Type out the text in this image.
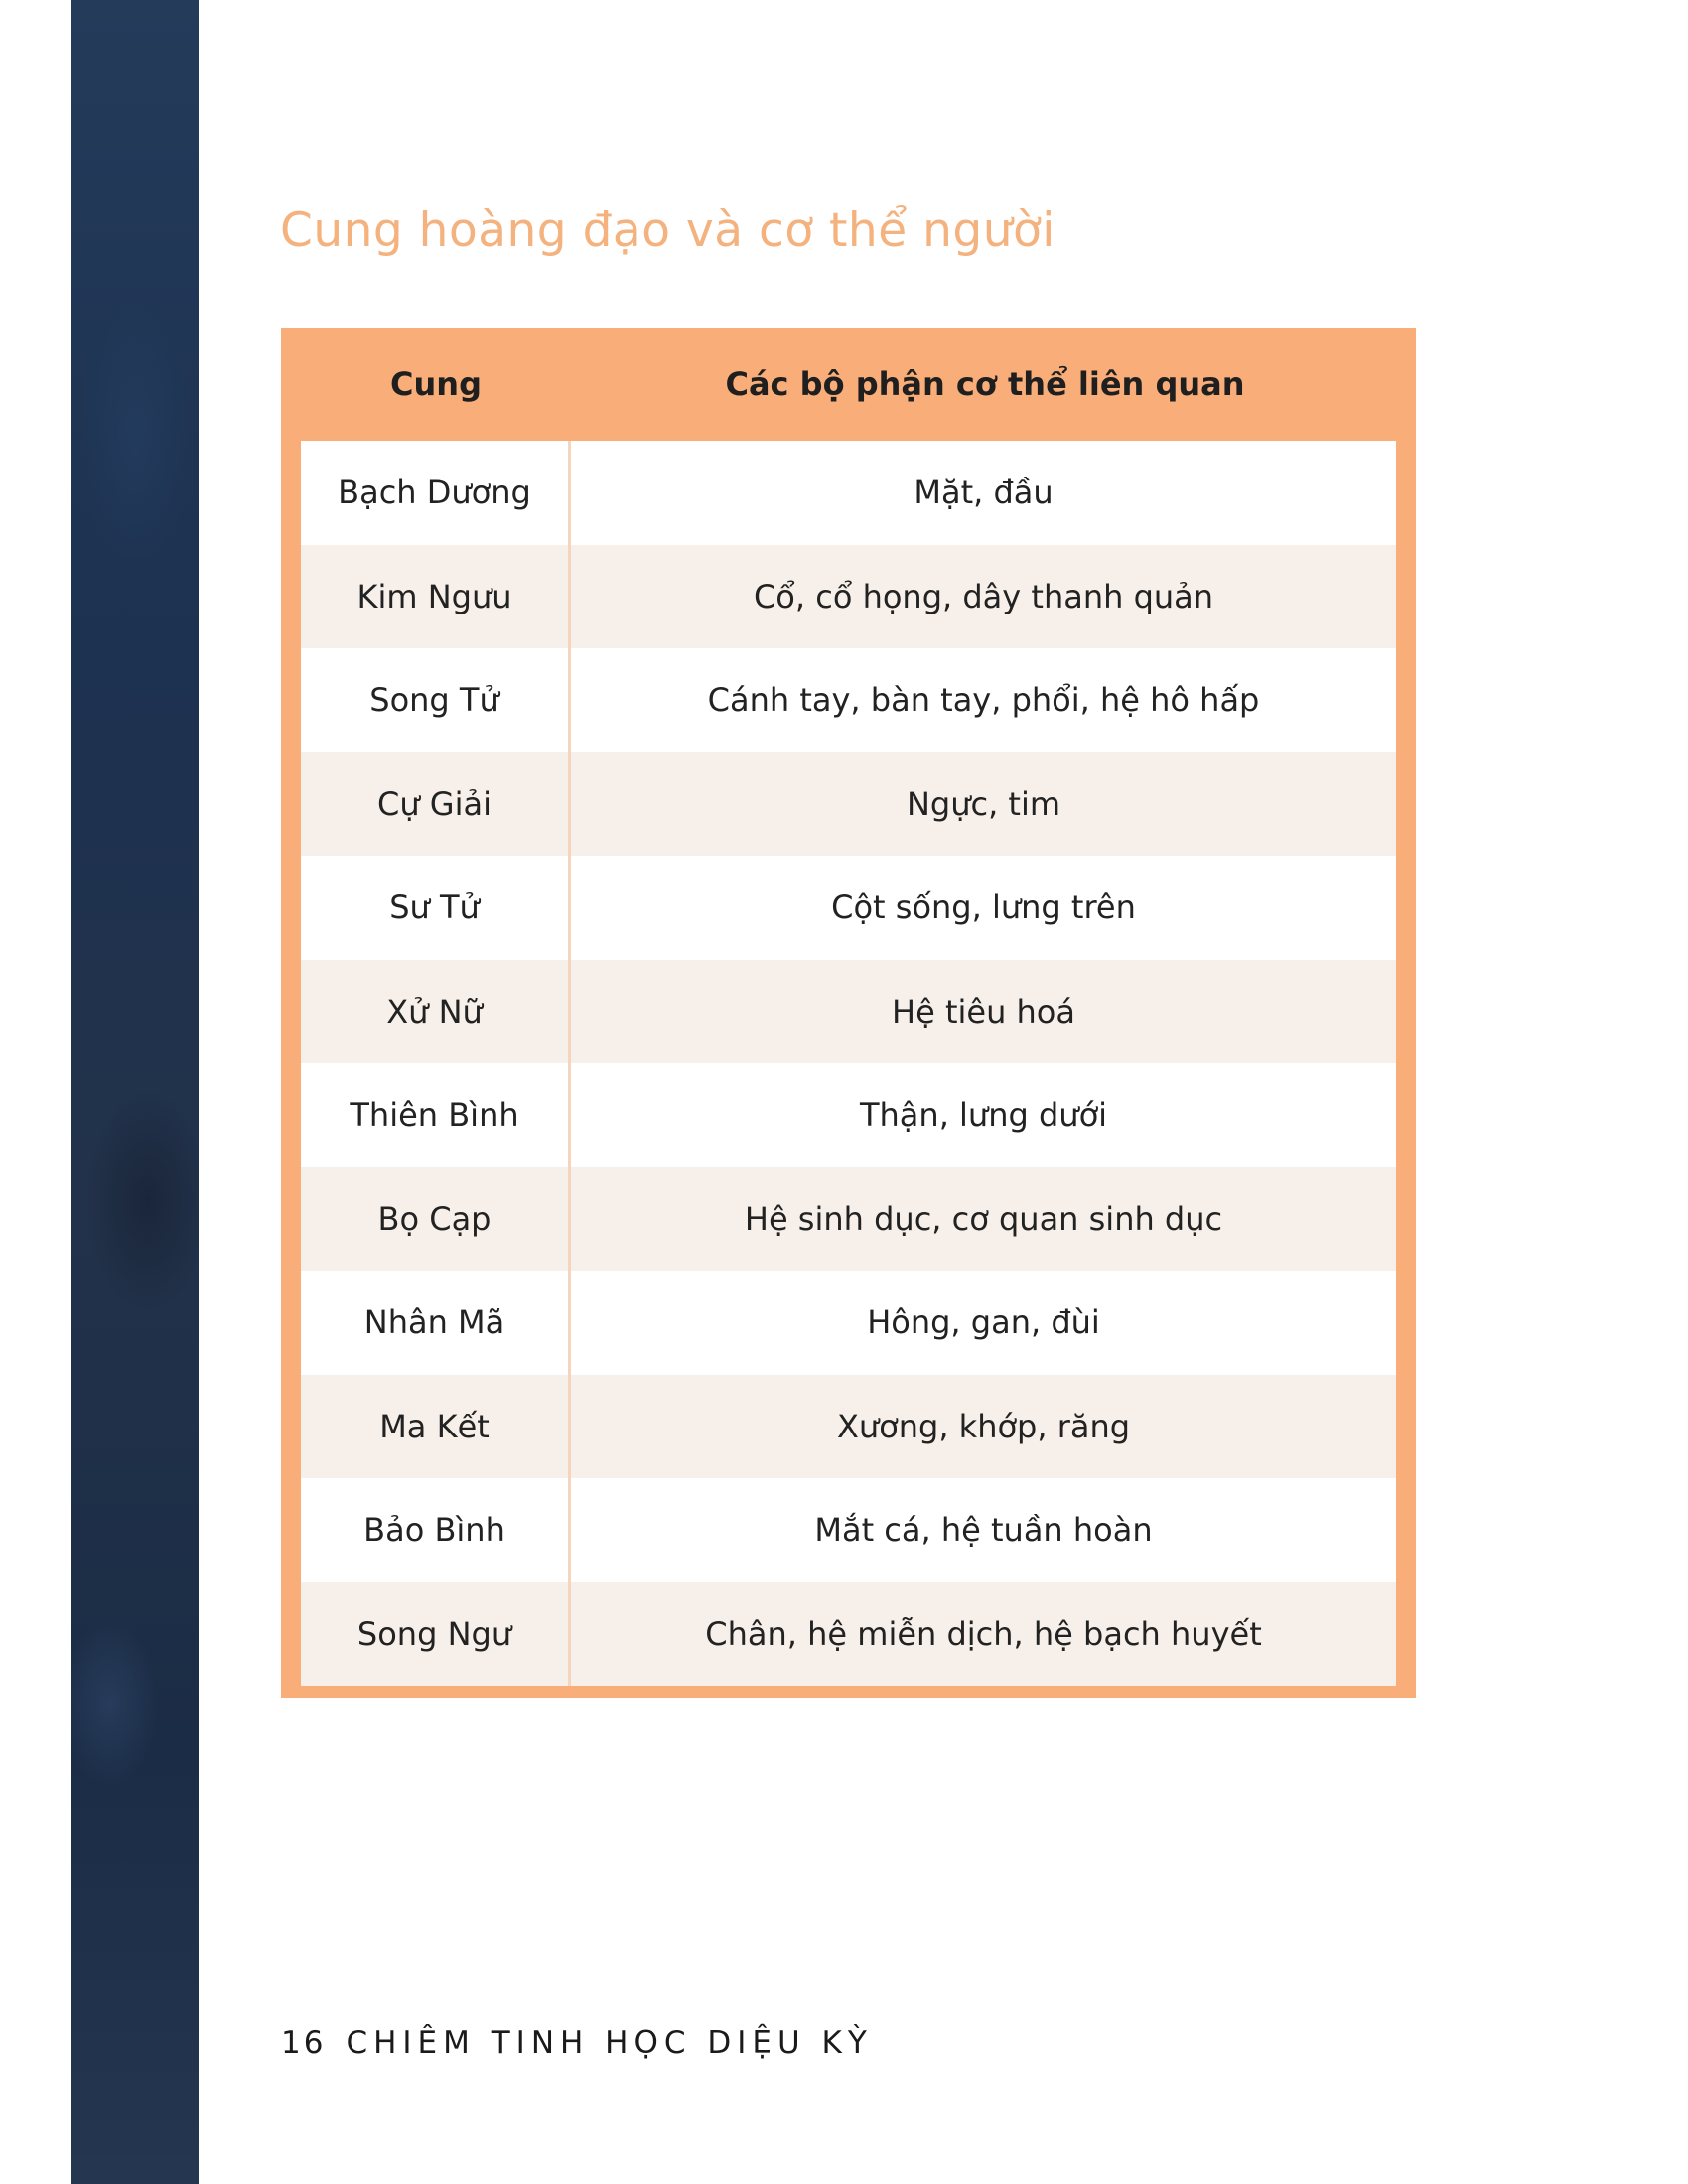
Cung hoàng đạo và cơ thể người
Cung	Các bộ phận cơ thể liên quan
Bạch Dương	Mặt, đầu
Kim Ngưu	Cổ, cổ họng, dây thanh quản
Song Tử	Cánh tay, bàn tay, phổi, hệ hô hấp
Cự Giải	Ngực, tim
Sư Tử	Cột sống, lưng trên
Xử Nữ	Hệ tiêu hoá
Thiên Bình	Thận, lưng dưới
Bọ Cạp	Hệ sinh dục, cơ quan sinh dục
Nhân Mã	Hông, gan, đùi
Ma Kết	Xương, khớp, răng
Bảo Bình	Mắt cá, hệ tuần hoàn
Song Ngư	Chân, hệ miễn dịch, hệ bạch huyết
16 CHIÊM TINH HỌC DIỆU KỲ
